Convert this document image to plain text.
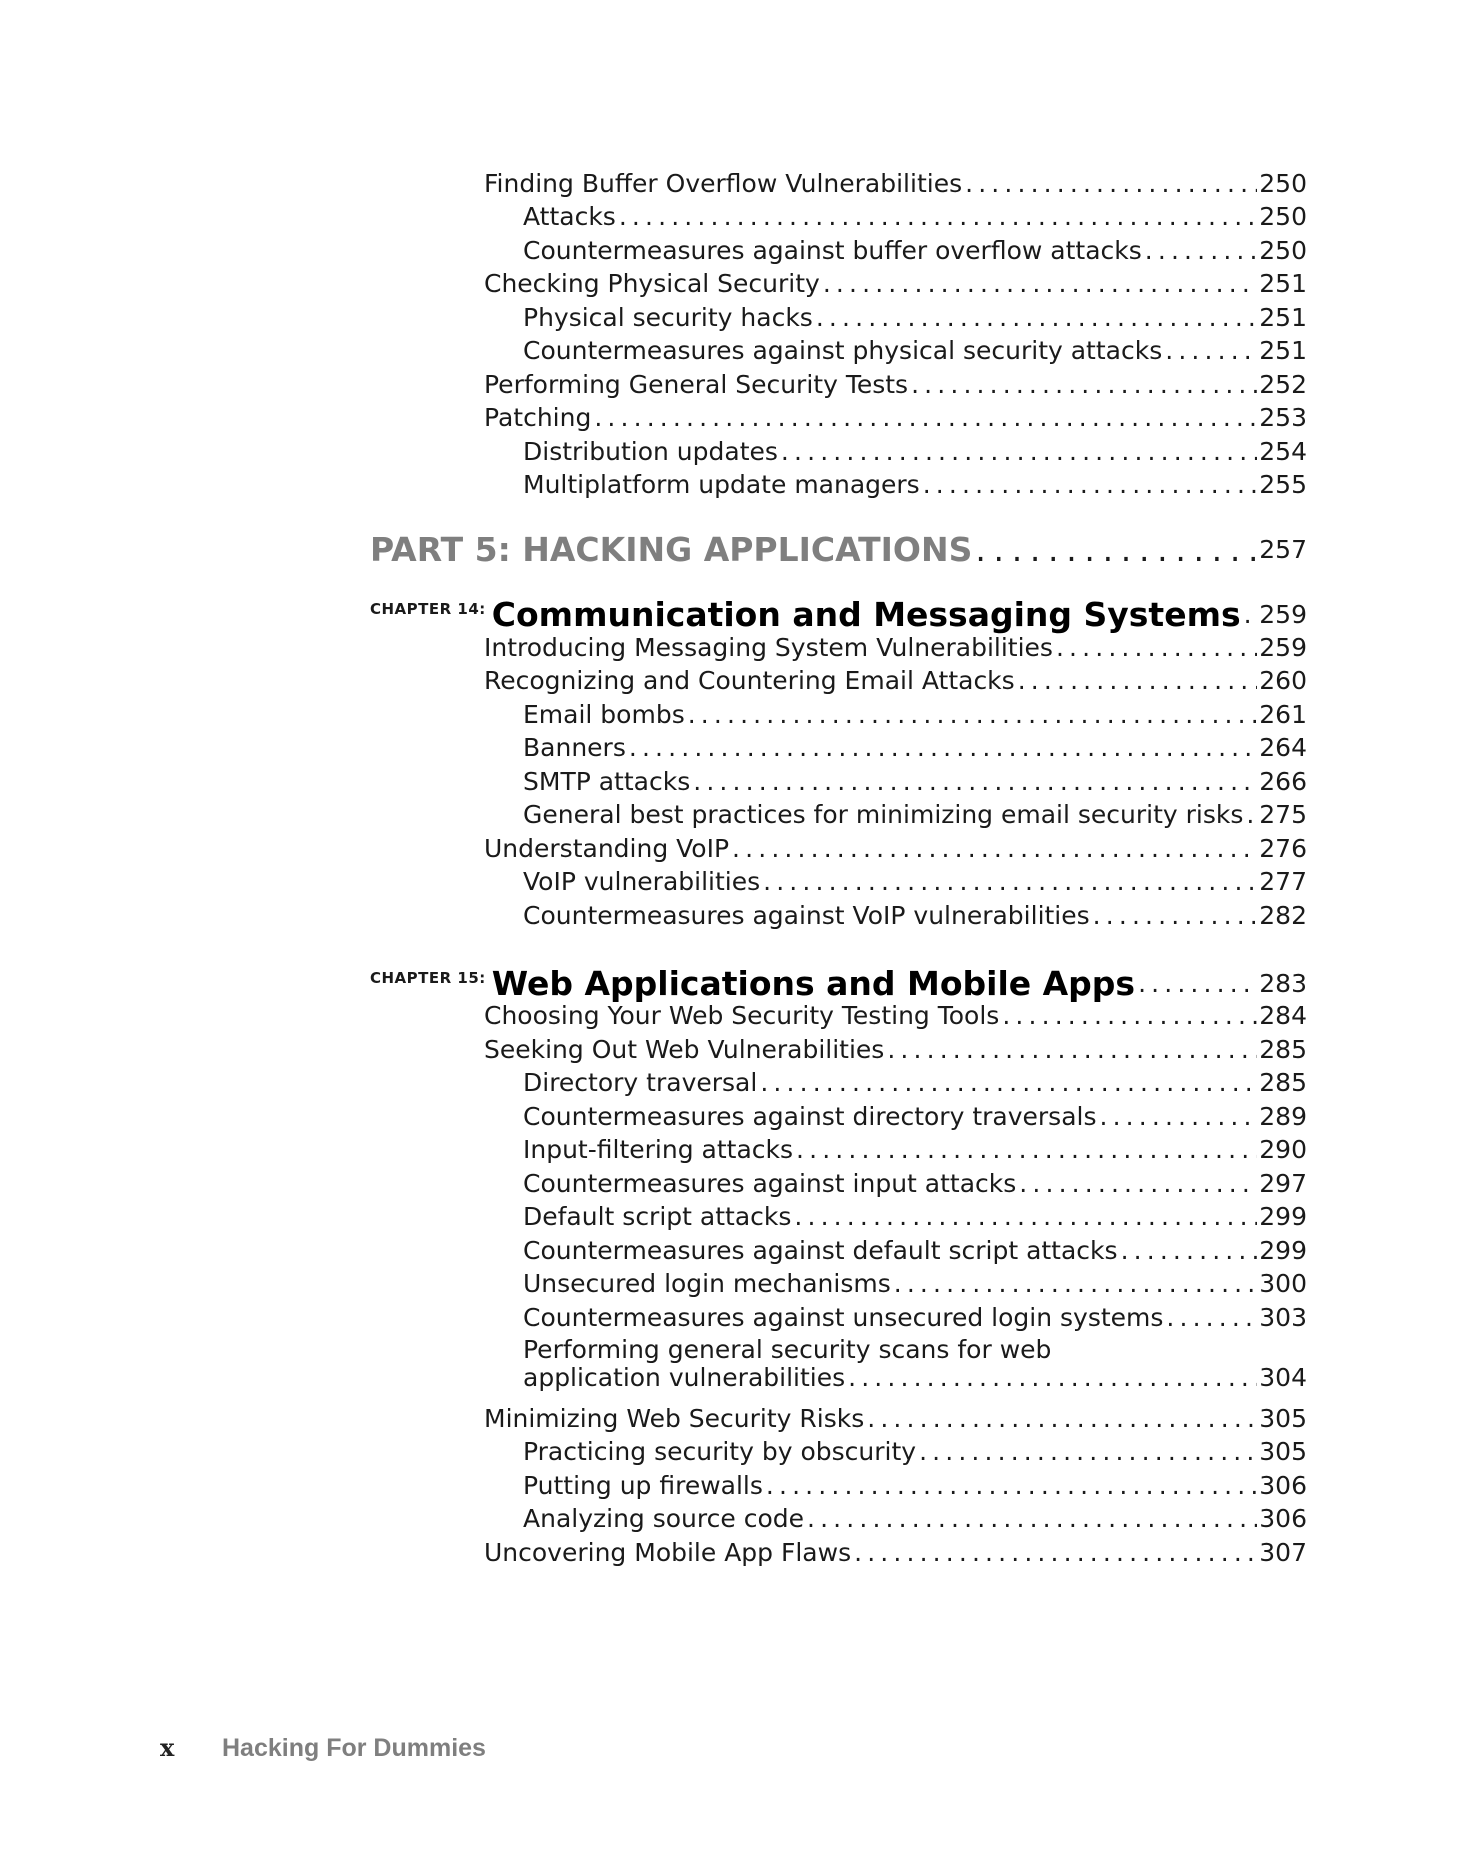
Finding Buffer Overflow Vulnerabilities . . .	250
Attacks . . .	250
Countermeasures against buffer overflow attacks . . .	250
Checking Physical Security . . .	251
Physical security hacks . . .	251
Countermeasures against physical security attacks . . .	251
Performing General Security Tests . . .	252
Patching . . .	253
Distribution updates . . .	254
Multiplatform update managers . . .	255
PART 5: HACKING APPLICATIONS . . .	257
CHAPTER 14: Communication and Messaging Systems . . . 259
Introducing Messaging System Vulnerabilities . . .	259
Recognizing and Countering Email Attacks . . .	260
Email bombs . . .	261
Banners . . .	264
SMTP attacks . . .	266
General best practices for minimizing email security risks . . . 275
Understanding VoIP . . .	276
VoIP vulnerabilities . . .	277
Countermeasures against VoIP vulnerabilities . . .	282
CHAPTER 15: Web Applications and Mobile Apps . . .	283
Choosing Your Web Security Testing Tools . . .	284
Seeking Out Web Vulnerabilities . . .	285
Directory traversal . . .	285
Countermeasures against directory traversals . . .	289
Input-filtering attacks . . .	290
Countermeasures against input attacks . . .	297
Default script attacks . . .	299
Countermeasures against default script attacks . . .	299
Unsecured login mechanisms . . .	300
Countermeasures against unsecured login systems . . .	303
Performing general security scans for web
application vulnerabilities . . .	304
Minimizing Web Security Risks . . .	305
Practicing security by obscurity . . .	305
Putting up firewalls . . .	306
Analyzing source code . . .	306
Uncovering Mobile App Flaws . . .	307
x	Hacking For Dummies
